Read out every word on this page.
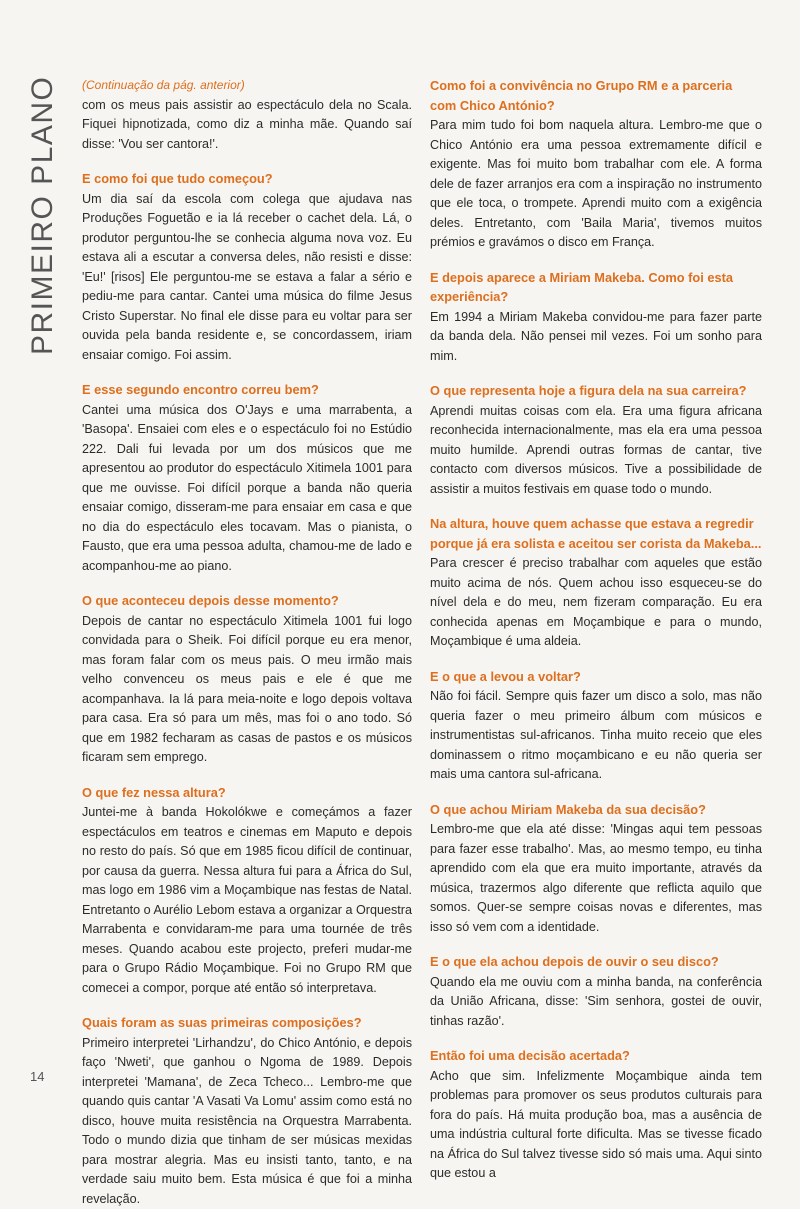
PRIMEIRO PLANO (Continuação da pág. anterior)

com os meus pais assistir ao espectáculo dela no Scala. Fiquei hipnotizada, como diz a minha mãe. Quando saí disse: 'Vou ser cantora!'.

E como foi que tudo começou?

Um dia saí da escola com colega que ajudava nas Produções Foguetão e ia lá receber o cachet dela. Lá, o produtor perguntou-lhe se conhecia alguma nova voz. Eu estava ali a escutar a conversa deles, não resisti e disse: 'Eu!' [risos] Ele perguntou-me se estava a falar a sério e pediu-me para cantar. Cantei uma música do filme Jesus Cristo Superstar. No final ele disse para eu voltar para ser ouvida pela banda residente e, se concordassem, iriam ensaiar comigo. Foi assim.

E esse segundo encontro correu bem?

Cantei uma música dos O'Jays e uma marrabenta, a 'Basopa'. Ensaiei com eles e o espectáculo foi no Estúdio 222. Dali fui levada por um dos músicos que me apresentou ao produtor do espectáculo Xitimela 1001 para que me ouvisse. Foi difícil porque a banda não queria ensaiar comigo, disseram-me para ensaiar em casa e que no dia do espectáculo eles tocavam. Mas o pianista, o Fausto, que era uma pessoa adulta, chamou-me de lado e acompanhou-me ao piano.

O que aconteceu depois desse momento?

Depois de cantar no espectáculo Xitimela 1001 fui logo convidada para o Sheik. Foi difícil porque eu era menor, mas foram falar com os meus pais. O meu irmão mais velho convenceu os meus pais e ele é que me acompanhava. Ia lá para meia-noite e logo depois voltava para casa. Era só para um mês, mas foi o ano todo. Só que em 1982 fecharam as casas de pastos e os músicos ficaram sem emprego.

O que fez nessa altura?

Juntei-me à banda Hokolókwe e começámos a fazer espectáculos em teatros e cinemas em Maputo e depois no resto do país. Só que em 1985 ficou difícil de continuar, por causa da guerra. Nessa altura fui para a África do Sul, mas logo em 1986 vim a Moçambique nas festas de Natal. Entretanto o Aurélio Lebom estava a organizar a Orquestra Marrabenta e convidaram-me para uma tournée de três meses. Quando acabou este projecto, preferi mudar-me para o Grupo Rádio Moçambique. Foi no Grupo RM que comecei a compor, porque até então só interpretava.

Quais foram as suas primeiras composições?

Primeiro interpretei 'Lirhandzu', do Chico António, e depois faço 'Nweti', que ganhou o Ngoma de 1989. Depois interpretei 'Mamana', de Zeca Tcheco... Lembro-me que quando quis cantar 'A Vasati Va Lomu' assim como está no disco, houve muita resistência na Orquestra Marrabenta. Todo o mundo dizia que tinham de ser músicas mexidas para mostrar alegria. Mas eu insisti tanto, tanto, e na verdade saiu muito bem. Esta música é que foi a minha revelação.

Como foi a convivência no Grupo RM e a parceria com Chico António?

Para mim tudo foi bom naquela altura. Lembro-me que o Chico António era uma pessoa extremamente difícil e exigente. Mas foi muito bom trabalhar com ele. A forma dele de fazer arranjos era com a inspiração no instrumento que ele toca, o trompete. Aprendi muito com a exigência deles. Entretanto, com 'Baila Maria', tivemos muitos prémios e gravámos o disco em França.

E depois aparece a Miriam Makeba. Como foi esta experiência?

Em 1994 a Miriam Makeba convidou-me para fazer parte da banda dela. Não pensei mil vezes. Foi um sonho para mim.

O que representa hoje a figura dela na sua carreira?

Aprendi muitas coisas com ela. Era uma figura africana reconhecida internacionalmente, mas ela era uma pessoa muito humilde. Aprendi outras formas de cantar, tive contacto com diversos músicos. Tive a possibilidade de assistir a muitos festivais em quase todo o mundo.

Na altura, houve quem achasse que estava a regredir porque já era solista e aceitou ser corista da Makeba...

Para crescer é preciso trabalhar com aqueles que estão muito acima de nós. Quem achou isso esqueceu-se do nível dela e do meu, nem fizeram comparação. Eu era conhecida apenas em Moçambique e para o mundo, Moçambique é uma aldeia.

E o que a levou a voltar?

Não foi fácil. Sempre quis fazer um disco a solo, mas não queria fazer o meu primeiro álbum com músicos e instrumentistas sul-africanos. Tinha muito receio que eles dominassem o ritmo moçambicano e eu não queria ser mais uma cantora sul-africana.

O que achou Miriam Makeba da sua decisão?

Lembro-me que ela até disse: 'Mingas aqui tem pessoas para fazer esse trabalho'. Mas, ao mesmo tempo, eu tinha aprendido com ela que era muito importante, através da música, trazermos algo diferente que reflicta aquilo que somos. Quer-se sempre coisas novas e diferentes, mas isso só vem com a identidade.

E o que ela achou depois de ouvir o seu disco?

Quando ela me ouviu com a minha banda, na conferência da União Africana, disse: 'Sim senhora, gostei de ouvir, tinhas razão'.

Então foi uma decisão acertada?

Acho que sim. Infelizmente Moçambique ainda tem problemas para promover os seus produtos culturais para fora do país. Há muita produção boa, mas a ausência de uma indústria cultural forte dificulta. Mas se tivesse ficado na África do Sul talvez tivesse sido só mais uma. Aqui sinto que estou a

14
